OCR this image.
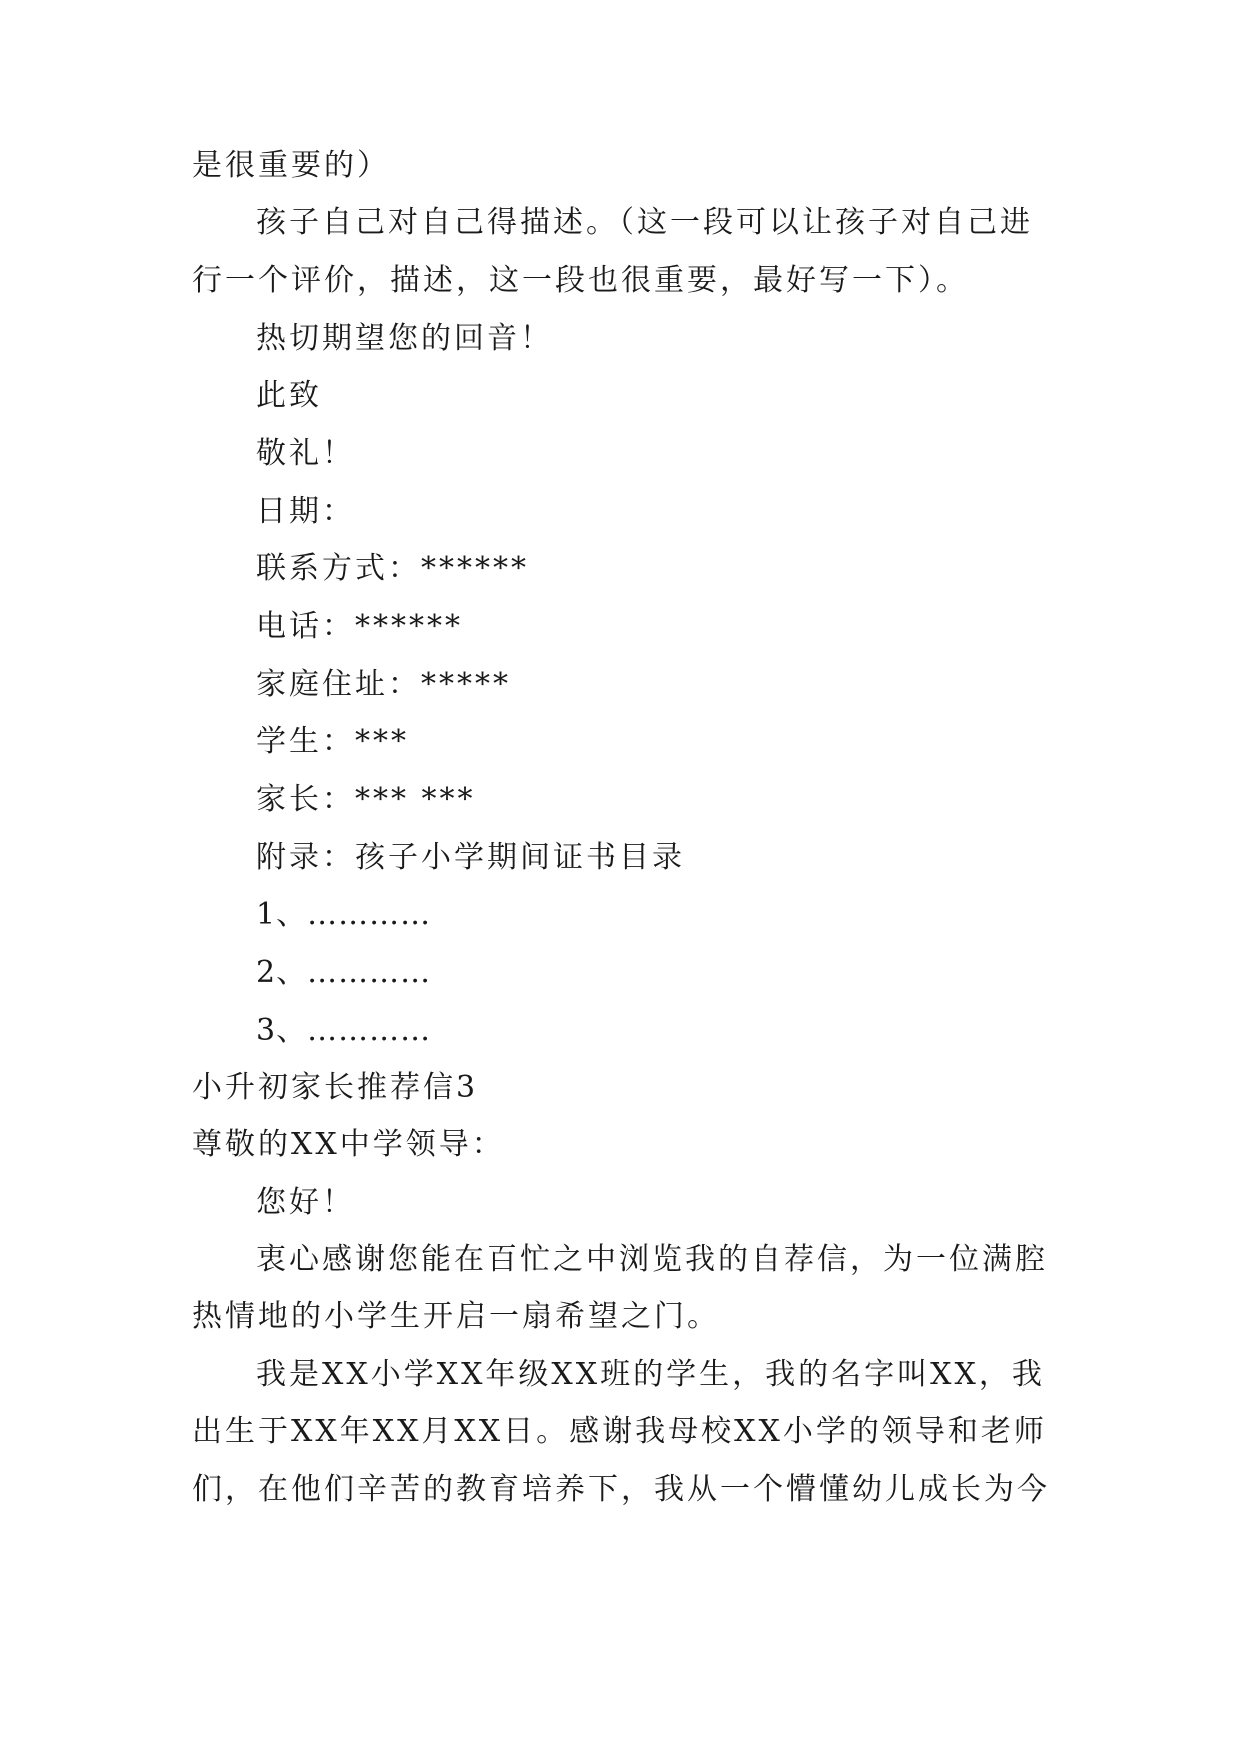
是很重要的）
孩子自己对自己得描述。（这一段可以让孩子对自己进
行一个评价，描述，这一段也很重要，最好写一下）。
热切期望您的回音！
此致
敬礼！
日期：
联系方式：******
电话：******
家庭住址：*****
学生：***
家长：*** ***
附录：孩子小学期间证书目录
1、…………
2、…………
3、…………
小升初家长推荐信3
尊敬的XX中学领导：
您好！
衷心感谢您能在百忙之中浏览我的自荐信，为一位满腔
热情地的小学生开启一扇希望之门。
我是XX小学XX年级XX班的学生，我的名字叫XX，我
出生于XX年XX月XX日。感谢我母校XX小学的领导和老师
们，在他们辛苦的教育培养下，我从一个懵懂幼儿成长为今
